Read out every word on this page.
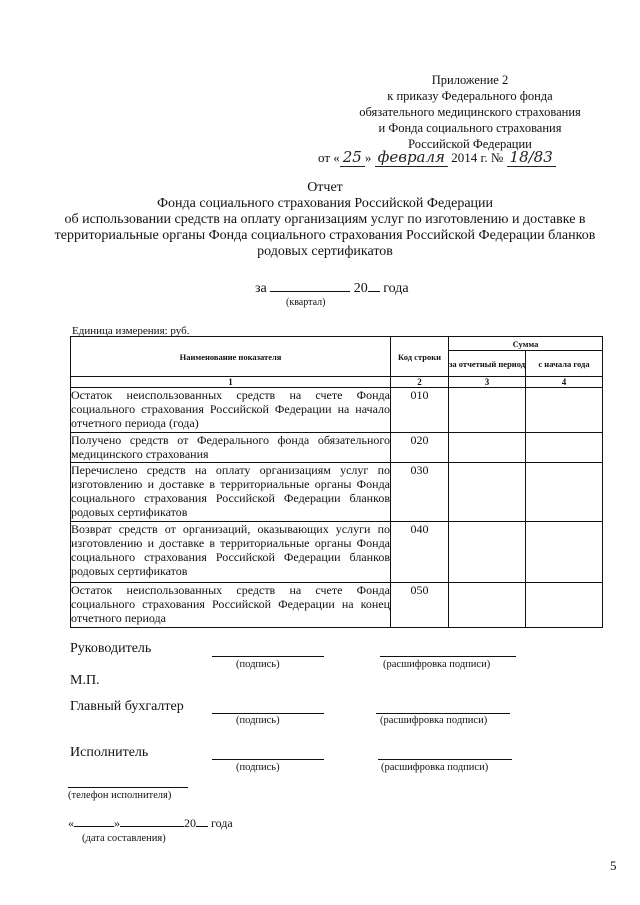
Приложение 2
к приказу Федерального фонда
обязательного медицинского страхования
и Фонда социального страхования
Российской Федерации
от « 25 » февраля 2014 г. № 18/83
Отчет
Фонда социального страхования Российской Федерации
об использовании средств на оплату организациям услуг по изготовлению и доставке в
территориальные органы Фонда социального страхования Российской Федерации бланков
родовых сертификатов
за	20 года
(квартал)
Единица измерения: руб.
Наименование показателя	Код строки	Сумма	
		за отчетный период	с начала года
1	2	3	4
Остаток неиспользованных средств на счете Фонда социального страхования Российской Федерации на начало отчетного периода (года)	010		
Получено средств от Федерального фонда обязательного медицинского страхования	020		
Перечислено средств на оплату организациям услуг по изготовлению и доставке в территориальные органы Фонда социального страхования Российской Федерации бланков родовых сертификатов	030		
Возврат средств от организаций, оказывающих услуги по изготовлению и доставке в территориальные органы Фонда социального страхования Российской Федерации бланков родовых сертификатов	040		
Остаток неиспользованных средств на счете Фонда социального страхования Российской Федерации на конец отчетного периода	050		
Руководитель
(подпись)	(расшифровка подписи)
М.П.
Главный бухгалтер
(подпись)	(расшифровка подписи)
Исполнитель
(подпись)	(расшифровка подписи)
(телефон исполнителя)
«	»	20 года
(дата составления)
5
